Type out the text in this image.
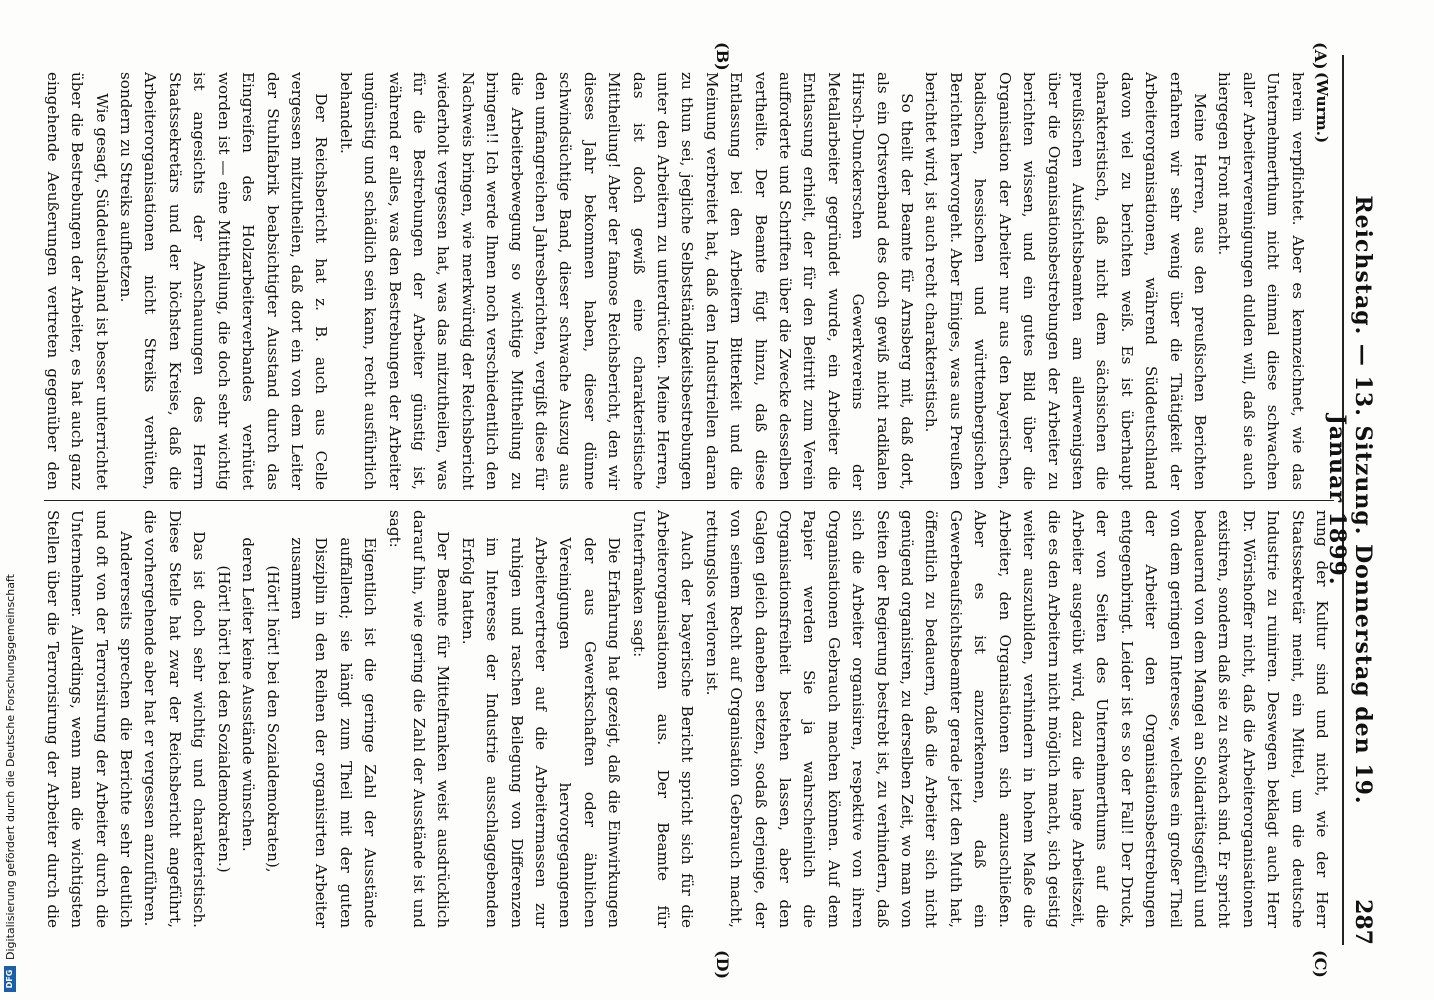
Reichstag. — 13. Sitzung. Donnerstag den 19. Januar 1899.
287
(A)
(B)
(C)
(D)

(Wurm.)

herein verpflichtet. Aber es kennzeichnet, wie das Unternehmerthum nicht einmal diese schwachen aller Arbeitervereinigungen dulden will, daß sie auch hiergegen Front macht.

Meine Herren, aus den preußischen Berichten erfahren wir sehr wenig über die Thätigkeit der Arbeiterorganisationen, während Süddeutschland davon viel zu berichten weiß. Es ist überhaupt charakteristisch, daß nicht dem sächsischen die preußischen Aufsichtsbeamten am allerwenigsten über die Organisationsbestrebungen der Arbeiter zu berichten wissen, und ein gutes Bild über die Organisation der Arbeiter nur aus den bayerischen, badischen, hessischen und württembergischen Berichten hervorgeht. Aber Einiges, was aus Preußen berichtet wird, ist auch recht charakteristisch.

So theilt der Beamte für Arnsberg mit, daß dort, als ein Ortsverband des doch gewiß nicht radikalen Hirsch-Dunckerschen Gewerkvereins der Metallarbeiter gegründet wurde, ein Arbeiter die Entlassung erhielt, der für den Beitritt zum Verein aufforderte und Schriften über die Zwecke desselben vertheilte. Der Beamte fügt hinzu, daß diese Entlassung bei den Arbeitern Bitterkeit und die Meinung verbreitet hat, daß den Industriellen daran zu thun sei, jegliche Selbstständigkeitsbestrebungen unter den Arbeitern zu unterdrücken. Meine Herren, das ist doch gewiß eine charakteristische Mittheilung! Aber der famose Reichsbericht, den wir dieses Jahr bekommen haben, dieser dünne schwindsüchtige Band, dieser schwache Auszug aus den umfangreichen Jahresberichten, vergißt diese für die Arbeiterbewegung so wichtige Mittheilung zu bringen!! Ich werde Ihnen noch verschiedentlich den Nachweis bringen, wie merkwürdig der Reichsbericht wiederholt vergessen hat, was das mitzutheilen, was für die Bestrebungen der Arbeiter günstig ist, während er alles, was den Bestrebungen der Arbeiter ungünstig und schädlich sein kann, recht ausführlich behandelt.

Der Reichsbericht hat z. B. auch aus Celle vergessen mitzutheilen, daß dort ein von dem Leiter der Stuhlfabrik beabsichtigter Ausstand durch das Eingreifen des Holzarbeiterverbandes verhütet worden ist — eine Mittheilung, die doch sehr wichtig ist angesichts der Anschauungen des Herrn Staatssekretärs und der höchsten Kreise, daß die Arbeiterorganisationen nicht Streiks verhüten, sondern zu Streiks aufhetzen.

Wie gesagt, Süddeutschland ist besser unterrichtet über die Bestrebungen der Arbeiter, es hat auch ganz eingehende Aeußerungen vertreten gegenüber den

rung der Kultur sind und nicht, wie der Herr Staatssekretär meint, ein Mittel, um die deutsche Industrie zu ruiniren. Deswegen beklagt auch Herr Dr. Wörishoffer nicht, daß die Arbeiterorganisationen existiren, sondern daß sie zu schwach sind. Er spricht bedauernd von dem Mangel an Solidaritätsgefühl und von dem geringen Interesse, welches ein großer Theil der Arbeiter den Organisationsbestrebungen entgegenbringt. Leider ist es so der Fall! Der Druck, der von Seiten des Unternehmerthums auf die Arbeiter ausgeübt wird, dazu die lange Arbeitszeit, die es den Arbeitern nicht möglich macht, sich geistig weiter auszubilden, verhindern in hohem Maße die Arbeiter, den Organisationen sich anzuschließen. Aber es ist anzuerkennen, daß ein Gewerbeaufsichtsbeamter gerade jetzt den Muth hat, öffentlich zu bedauern, daß die Arbeiter sich nicht genügend organisiren, zu derselben Zeit, wo man von Seiten der Regierung bestrebt ist, zu verhindern, daß sich die Arbeiter organisiren, respektive von ihren Organisationen Gebrauch machen können. Auf dem Papier werden Sie ja wahrscheinlich die Organisationsfreiheit bestehen lassen, aber den Galgen gleich daneben setzen, sodaß derjenige, der von seinem Recht auf Organisation Gebrauch macht, rettungslos verloren ist.

Auch der bayerische Bericht spricht sich für die Arbeiterorganisationen aus. Der Beamte für Unterfranken sagt:

Die Erfahrung hat gezeigt, daß die Einwirkungen der aus Gewerkschaften oder ähnlichen Vereinigungen hervorgegangenen Arbeitervertreter auf die Arbeitermassen zur ruhigen und raschen Beilegung von Differenzen im Interesse der Industrie ausschlaggebenden Erfolg hatten.

Der Beamte für Mittelfranken weist ausdrücklich darauf hin, wie gering die Zahl der Ausstände ist und sagt:

Eigentlich ist die geringe Zahl der Ausstände auffallend; sie hängt zum Theil mit der guten Disziplin in den Reihen der organisirten Arbeiter zusammen

(Hört! hört! bei den Sozialdemokraten),

deren Leiter keine Ausstände wünschen.

(Hört! hört! bei den Sozialdemokraten.)

Das ist doch sehr wichtig und charakteristisch. Diese Stelle hat zwar der Reichsbericht angeführt, die vorhergehende aber hat er vergessen anzuführen.

Andererseits sprechen die Berichte sehr deutlich und oft von der Terrorisirung der Arbeiter durch die Unternehmer. Allerdings, wenn man die wichtigsten Stellen über die Terrorisirung der Arbeiter durch die

DFG
Digitalisierung gefördert durch die Deutsche Forschungsgemeinschaft
